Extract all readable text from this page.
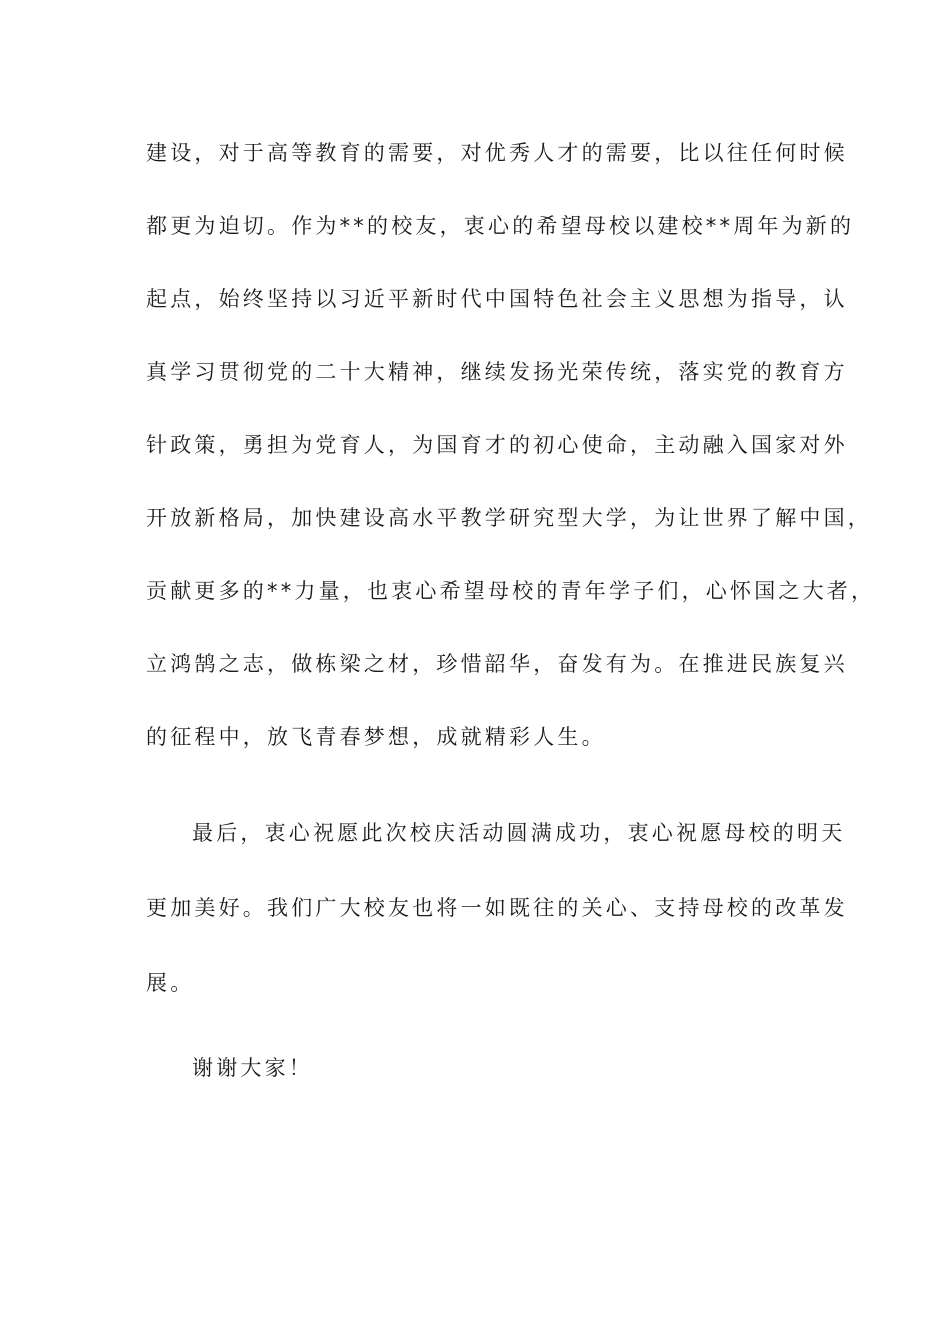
建设，对于高等教育的需要，对优秀人才的需要，比以往任何时候
都更为迫切。作为**的校友，衷心的希望母校以建校**周年为新的
起点，始终坚持以习近平新时代中国特色社会主义思想为指导，认
真学习贯彻党的二十大精神，继续发扬光荣传统，落实党的教育方
针政策，勇担为党育人，为国育才的初心使命，主动融入国家对外
开放新格局，加快建设高水平教学研究型大学，为让世界了解中国，
贡献更多的**力量，也衷心希望母校的青年学子们，心怀国之大者，
立鸿鹄之志，做栋梁之材，珍惜韶华，奋发有为。在推进民族复兴
的征程中，放飞青春梦想，成就精彩人生。
最后，衷心祝愿此次校庆活动圆满成功，衷心祝愿母校的明天
更加美好。我们广大校友也将一如既往的关心、支持母校的改革发
展。
谢谢大家！
